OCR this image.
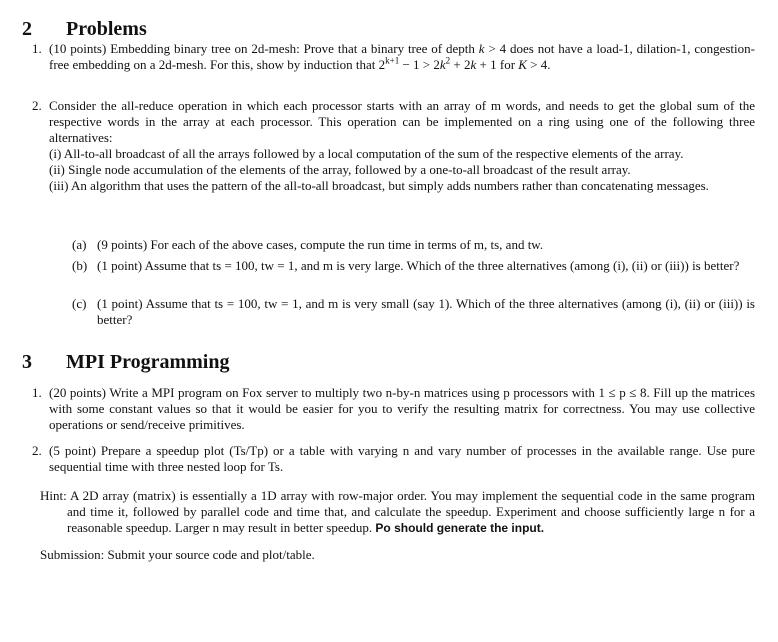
2 Problems
1. (10 points) Embedding binary tree on 2d-mesh: Prove that a binary tree of depth k > 4 does not have a load-1, dilation-1, congestion-free embedding on a 2d-mesh. For this, show by induction that $2^{k+1} - 1 > 2k^2 + 2k + 1$ for K > 4.

2. Consider the all-reduce operation in which each processor starts with an array of m words, and needs to get the global sum of the respective words in the array at each processor. This operation can be implemented on a ring using one of the following three alternatives:

(i) All-to-all broadcast of all the arrays followed by a local computation of the sum of the respective elements of the array.

(ii) Single node accumulation of the elements of the array, followed by a one-to-all broadcast of the result array.

(iii) An algorithm that uses the pattern of the all-to-all broadcast, but simply adds numbers rather than concatenating messages.

(a) (9 points) For each of the above cases, compute the run time in terms of m, ts, and tw.
(b) (1 point) Assume that ts = 100, tw = 1, and m is very large. Which of the three alternatives (among (i), (ii) or (iii)) is better?
(c) (1 point) Assume that ts = 100, tw = 1, and m is very small (say 1). Which of the three alternatives (among (i), (ii) or (iii)) is better?
3 MPI Programming
1. (20 points) Write a MPI program on Fox server to multiply two n-by-n matrices using p processors with 1 ≤ p ≤ 8. Fill up the matrices with some constant values so that it would be easier for you to verify the resulting matrix for correctness. You may use collective operations or send/receive primitives.

2. (5 point) Prepare a speedup plot (Ts/Tp) or a table with varying n and vary number of processes in the available range. Use pure sequential time with three nested loop for Ts.

Hint: A 2D array (matrix) is essentially a 1D array with row-major order. You may implement the sequential code in the same program and time it, followed by parallel code and time that, and calculate the speedup. Experiment and choose sufficiently large n for a reasonable speedup. Larger n may result in better speedup. Po should generate the input.

Submission: Submit your source code and plot/table.
